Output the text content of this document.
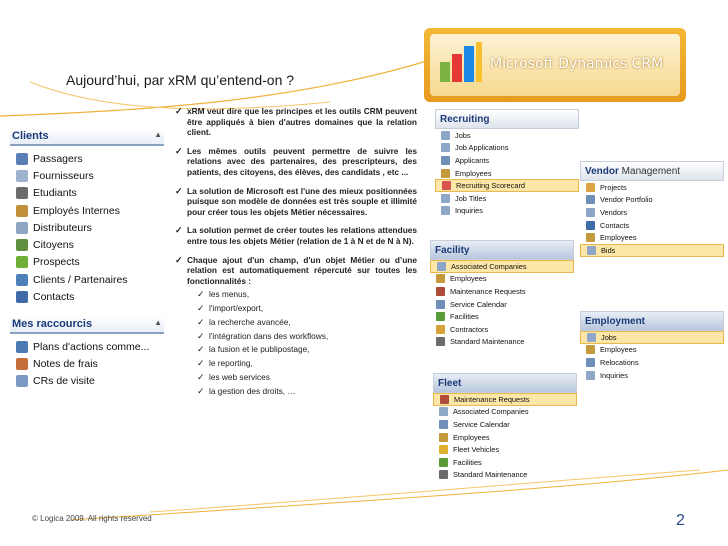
Aujourd’hui, par xRM qu’entend-on ?
Microsoft Dynamics CRM
Clients	▲
Passagers
Fournisseurs
Etudiants
Employés Internes
Distributeurs
Citoyens
Prospects
Clients / Partenaires
Contacts
Mes raccourcis	▲
Plans d'actions comme...
Notes de frais
CRs de visite
✓ xRM veut dire que les principes et les outils CRM peuvent être appliqués à bien d'autres domaines que la relation client.
✓ Les mêmes outils peuvent permettre de suivre les relations avec des partenaires, des prescripteurs, des patients, des citoyens, des élèves, des candidats , etc ...
✓ La solution de Microsoft est l'une des mieux positionnées puisque son modèle de données est très souple et illimité pour créer tous les objets Métier nécessaires.
✓ La solution permet de créer toutes les relations attendues entre tous les objets Métier (relation de 1 à N et de N à N).
✓ Chaque ajout d'un champ, d'un objet Métier ou d’une relation est automatiquement répercuté sur toutes les fonctionnalités :
✓ les menus,
✓ l'import/export,
✓ la recherche avancée,
✓ l'intégration dans des workflows,
✓ la fusion et le publipostage,
✓ le reporting,
✓ les web services
✓ la gestion des droits, …
Recruiting
Jobs
Job Applications
Applicants
Employees
Recruiting Scorecard
Job Titles
Inquiries
Facility
Associated Companies
Employees
Maintenance Requests
Service Calendar
Facilities
Contractors
Standard Maintenance
Fleet
Maintenance Requests
Associated Companies
Service Calendar
Employees
Fleet Vehicles
Facilities
Standard Maintenance
Vendor Management
Projects
Vendor Portfolio
Vendors
Contacts
Employees
Bids
Employment
Jobs
Employees
Relocations
Inquiries
© Logica 2009. All rights reserved	2
